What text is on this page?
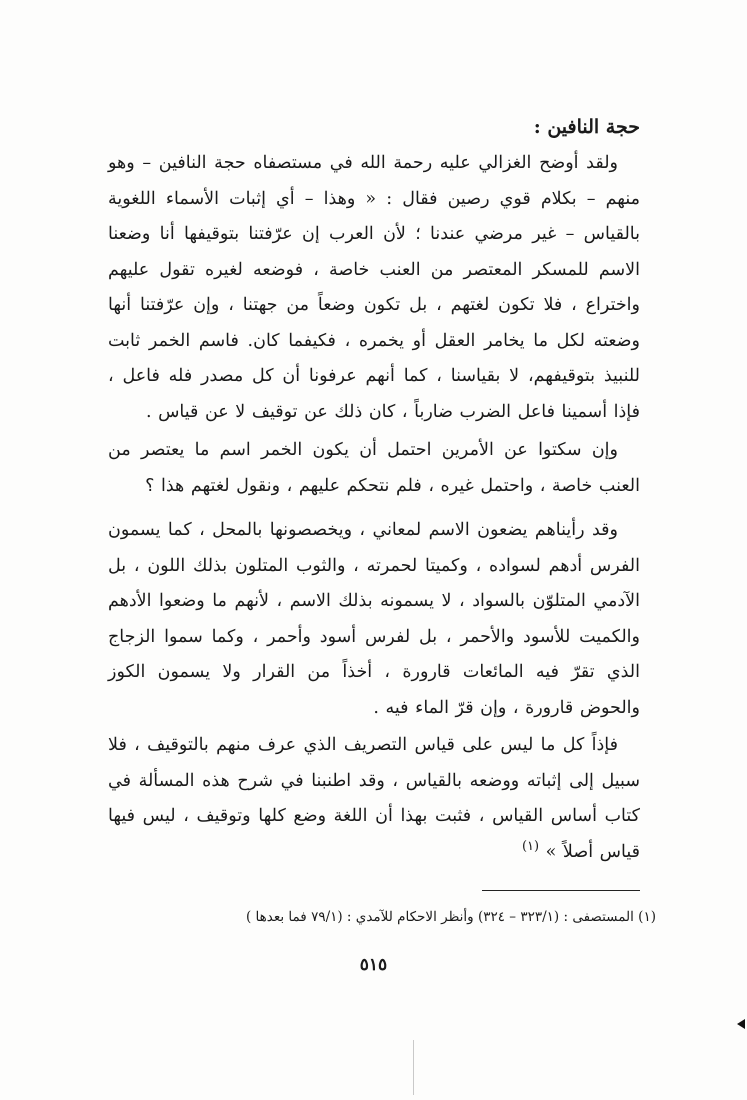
حجة النافين :

ولقد أوضح الغزالي عليه رحمة الله في مستصفاه حجة النافين – وهو منهم – بكلام قوي رصين فقال : « وهذا – أي إثبات الأسماء اللغوية بالقياس – غير مرضي عندنا ؛ لأن العرب إن عرّفتنا بتوقيفها أنا وضعنا الاسم للمسكر المعتصر من العنب خاصة ، فوضعه لغيره تقول عليهم واختراع ، فلا تكون لغتهم ، بل تكون وضعاً من جهتنا ، وإن عرّفتنا أنها وضعته لكل ما يخامر العقل أو يخمره ، فكيفما كان. فاسم الخمر ثابت للنبيذ بتوقيفهم، لا بقياسنا ، كما أنهم عرفونا أن كل مصدر فله فاعل ، فإذا أسمينا فاعل الضرب ضارباً ، كان ذلك عن توقيف لا عن قياس .

وإن سكتوا عن الأمرين احتمل أن يكون الخمر اسم ما يعتصر من العنب خاصة ، واحتمل غيره ، فلم نتحكم عليهم ، ونقول لغتهم هذا ؟

وقد رأيناهم يضعون الاسم لمعاني ، ويخصصونها بالمحل ، كما يسمون الفرس أدهم لسواده ، وكميتا لحمرته ، والثوب المتلون بذلك اللون ، بل الآدمي المتلوّن بالسواد ، لا يسمونه بذلك الاسم ، لأنهم ما وضعوا الأدهم والكميت للأسود والأحمر ، بل لفرس أسود وأحمر ، وكما سموا الزجاج الذي تقرّ فيه المائعات قارورة ، أخذاً من القرار ولا يسمون الكوز والحوض قارورة ، وإن قرّ الماء فيه .

فإذاً كل ما ليس على قياس التصريف الذي عرف منهم بالتوقيف ، فلا سبيل إلى إثباته ووضعه بالقياس ، وقد اطنبنا في شرح هذه المسألة في كتاب أساس القياس ، فثبت بهذا أن اللغة وضع كلها وتوقيف ، ليس فيها قياس أصلاً » $^{(١)}$

(١) المستصفى : (٣٢٣/١ – ٣٢٤) وأنظر الاحكام للآمدي : (٧٩/١ فما بعدها )
٥١٥
